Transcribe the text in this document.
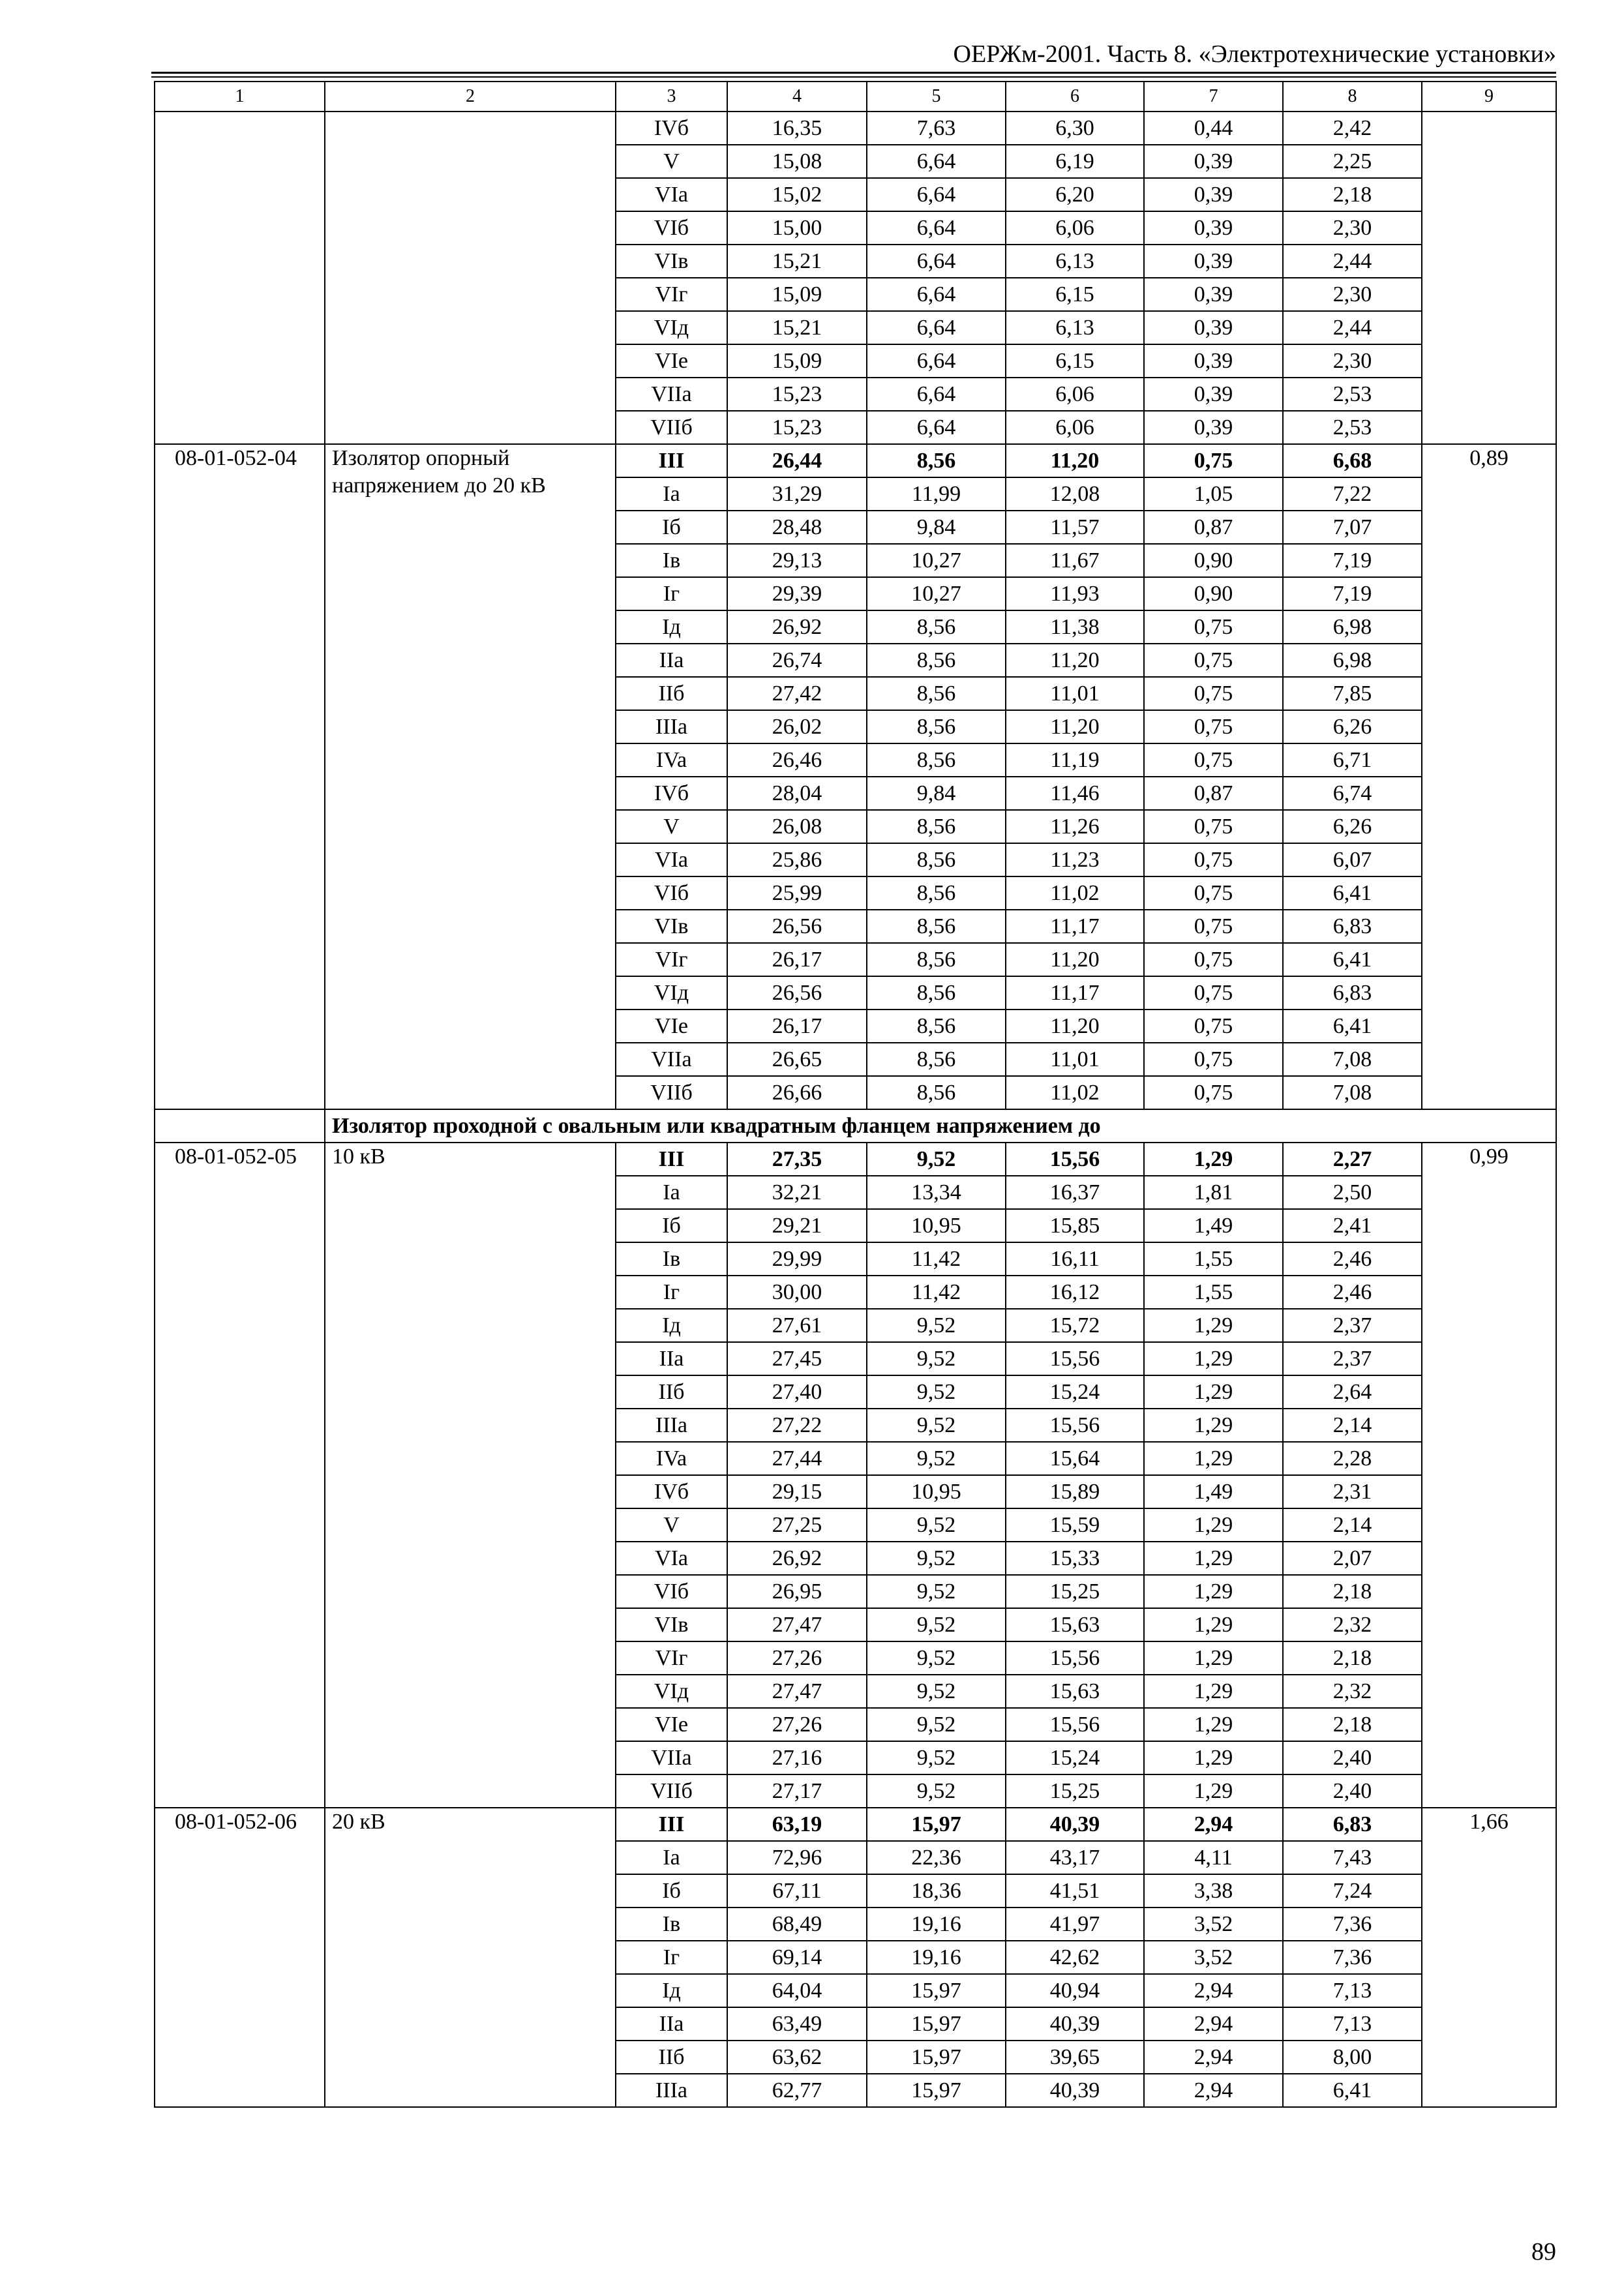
ОЕРЖм-2001. Часть 8. «Электротехнические установки»
1	2	3	4	5	6	7	8	9
		IVб	16,35	7,63	6,30	0,44	2,42	
		V	15,08	6,64	6,19	0,39	2,25	
		VIa	15,02	6,64	6,20	0,39	2,18	
		VIб	15,00	6,64	6,06	0,39	2,30	
		VIв	15,21	6,64	6,13	0,39	2,44	
		VIг	15,09	6,64	6,15	0,39	2,30	
		VIд	15,21	6,64	6,13	0,39	2,44	
		VIe	15,09	6,64	6,15	0,39	2,30	
		VIIa	15,23	6,64	6,06	0,39	2,53	
		VIIб	15,23	6,64	6,06	0,39	2,53	
08-01-052-04	Изолятор опорный напряжением до 20 кВ	III	26,44	8,56	11,20	0,75	6,68	0,89
		Ia	31,29	11,99	12,08	1,05	7,22	
		Iб	28,48	9,84	11,57	0,87	7,07	
		Iв	29,13	10,27	11,67	0,90	7,19	
		Iг	29,39	10,27	11,93	0,90	7,19	
		Iд	26,92	8,56	11,38	0,75	6,98	
		IIa	26,74	8,56	11,20	0,75	6,98	
		IIб	27,42	8,56	11,01	0,75	7,85	
		IIIa	26,02	8,56	11,20	0,75	6,26	
		IVa	26,46	8,56	11,19	0,75	6,71	
		IVб	28,04	9,84	11,46	0,87	6,74	
		V	26,08	8,56	11,26	0,75	6,26	
		VIa	25,86	8,56	11,23	0,75	6,07	
		VIб	25,99	8,56	11,02	0,75	6,41	
		VIв	26,56	8,56	11,17	0,75	6,83	
		VIг	26,17	8,56	11,20	0,75	6,41	
		VIд	26,56	8,56	11,17	0,75	6,83	
		VIe	26,17	8,56	11,20	0,75	6,41	
		VIIa	26,65	8,56	11,01	0,75	7,08	
		VIIб	26,66	8,56	11,02	0,75	7,08	
	Изолятор проходной с овальным или квадратным фланцем напряжением до							
08-01-052-05	10 кВ	III	27,35	9,52	15,56	1,29	2,27	0,99
		Ia	32,21	13,34	16,37	1,81	2,50	
		Iб	29,21	10,95	15,85	1,49	2,41	
		Iв	29,99	11,42	16,11	1,55	2,46	
		Iг	30,00	11,42	16,12	1,55	2,46	
		Iд	27,61	9,52	15,72	1,29	2,37	
		IIa	27,45	9,52	15,56	1,29	2,37	
		IIб	27,40	9,52	15,24	1,29	2,64	
		IIIa	27,22	9,52	15,56	1,29	2,14	
		IVa	27,44	9,52	15,64	1,29	2,28	
		IVб	29,15	10,95	15,89	1,49	2,31	
		V	27,25	9,52	15,59	1,29	2,14	
		VIa	26,92	9,52	15,33	1,29	2,07	
		VIб	26,95	9,52	15,25	1,29	2,18	
		VIв	27,47	9,52	15,63	1,29	2,32	
		VIг	27,26	9,52	15,56	1,29	2,18	
		VIд	27,47	9,52	15,63	1,29	2,32	
		VIe	27,26	9,52	15,56	1,29	2,18	
		VIIa	27,16	9,52	15,24	1,29	2,40	
		VIIб	27,17	9,52	15,25	1,29	2,40	
08-01-052-06	20 кВ	III	63,19	15,97	40,39	2,94	6,83	1,66
		Ia	72,96	22,36	43,17	4,11	7,43	
		Iб	67,11	18,36	41,51	3,38	7,24	
		Iв	68,49	19,16	41,97	3,52	7,36	
		Iг	69,14	19,16	42,62	3,52	7,36	
		Iд	64,04	15,97	40,94	2,94	7,13	
		IIa	63,49	15,97	40,39	2,94	7,13	
		IIб	63,62	15,97	39,65	2,94	8,00	
		IIIa	62,77	15,97	40,39	2,94	6,41	
89
